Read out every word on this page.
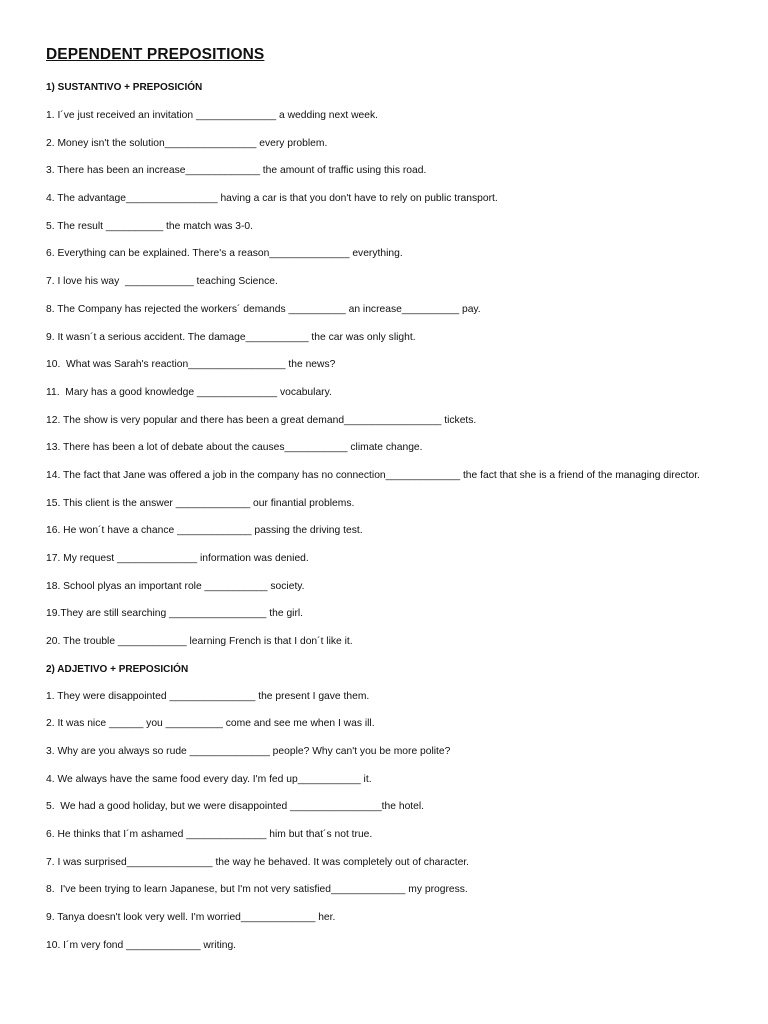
DEPENDENT PREPOSITIONS
1) SUSTANTIVO + PREPOSICIÓN
1. I´ve just received an invitation ______________ a wedding next week.
2. Money isn't the solution________________ every problem.
3. There has been an increase_____________ the amount of traffic using this road.
4. The advantage________________ having a car is that you don't have to rely on public transport.
5. The result __________ the match was 3-0.
6. Everything can be explained. There's a reason______________ everything.
7. I love his way  ____________ teaching Science.
8. The Company has rejected the workers´ demands __________ an increase__________ pay.
9. It wasn´t a serious accident. The damage___________ the car was only slight.
10.  What was Sarah's reaction_________________ the news?
11.  Mary has a good knowledge ______________ vocabulary.
12. The show is very popular and there has been a great demand_________________ tickets.
13. There has been a lot of debate about the causes___________ climate change.
14. The fact that Jane was offered a job in the company has no connection_____________ the fact that she is a friend of the managing director.
15. This client is the answer _____________ our finantial problems.
16. He won´t have a chance _____________ passing the driving test.
17. My request ______________ information was denied.
18. School plyas an important role ___________ society.
19.They are still searching _________________ the girl.
20. The trouble ____________ learning French is that I don´t like it.
2) ADJETIVO + PREPOSICIÓN
1. They were disappointed _______________ the present I gave them.
2. It was nice ______ you __________ come and see me when I was ill.
3. Why are you always so rude ______________ people? Why can't you be more polite?
4. We always have the same food every day. I'm fed up___________ it.
5.  We had a good holiday, but we were disappointed ________________the hotel.
6. He thinks that I´m ashamed ______________ him but that´s not true.
7. I was surprised_______________ the way he behaved. It was completely out of character.
8.  I've been trying to learn Japanese, but I'm not very satisfied_____________ my progress.
9. Tanya doesn't look very well. I'm worried_____________ her.
10. I´m very fond _____________ writing.
